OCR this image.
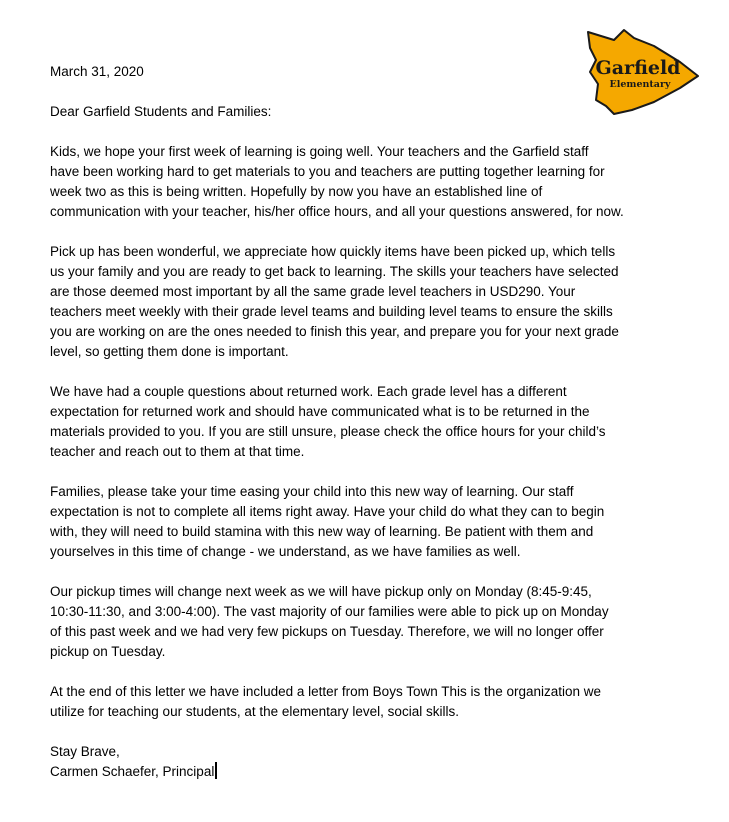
Garfield
Elementary

March 31, 2020

Dear Garfield Students and Families:

Kids, we hope your first week of learning is going well. Your teachers and the Garfield staff
have been working hard to get materials to you and teachers are putting together learning for
week two as this is being written. Hopefully by now you have an established line of
communication with your teacher, his/her office hours, and all your questions answered, for now.
Pick up has been wonderful, we appreciate how quickly items have been picked up, which tells
us your family and you are ready to get back to learning. The skills your teachers have selected
are those deemed most important by all the same grade level teachers in USD290. Your
teachers meet weekly with their grade level teams and building level teams to ensure the skills
you are working on are the ones needed to finish this year, and prepare you for your next grade
level, so getting them done is important.
We have had a couple questions about returned work. Each grade level has a different
expectation for returned work and should have communicated what is to be returned in the
materials provided to you. If you are still unsure, please check the office hours for your child’s
teacher and reach out to them at that time.
Families, please take your time easing your child into this new way of learning. Our staff
expectation is not to complete all items right away. Have your child do what they can to begin
with, they will need to build stamina with this new way of learning. Be patient with them and
yourselves in this time of change - we understand, as we have families as well.
Our pickup times will change next week as we will have pickup only on Monday (8:45-9:45,
10:30-11:30, and 3:00-4:00). The vast majority of our families were able to pick up on Monday
of this past week and we had very few pickups on Tuesday. Therefore, we will no longer offer
pickup on Tuesday.
At the end of this letter we have included a letter from Boys Town This is the organization we
utilize for teaching our students, at the elementary level, social skills.

Stay Brave,

Carmen Schaefer, Principal
